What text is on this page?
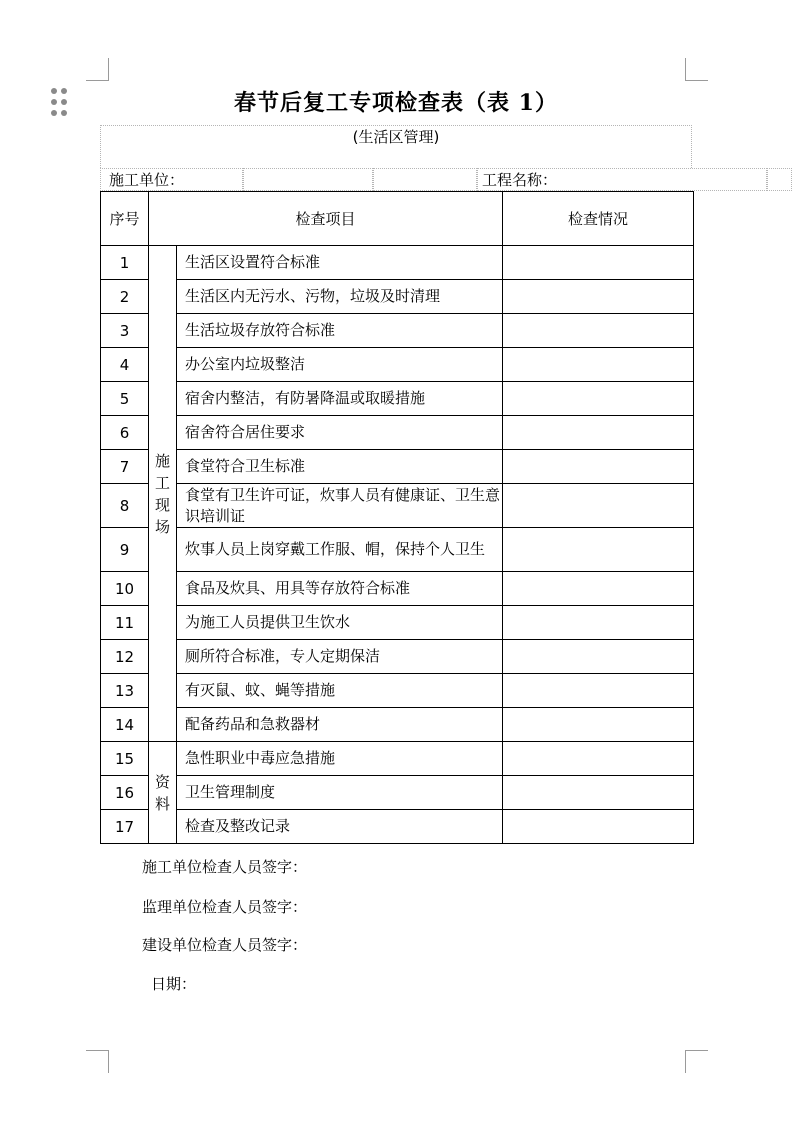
春节后复工专项检查表（表 1）
(生活区管理)
施工单位：	工程名称：
序号	检查项目		检查情况
1	施工现场	生活区设置符合标准	
2		生活区内无污水、污物，垃圾及时清理	
3		生活垃圾存放符合标准	
4		办公室内垃圾整洁	
5		宿舍内整洁，有防暑降温或取暖措施	
6		宿舍符合居住要求	
7		食堂符合卫生标准	
8		食堂有卫生许可证，炊事人员有健康证、卫生意识培训证	
9		炊事人员上岗穿戴工作服、帽，保持个人卫生	
10		食品及炊具、用具等存放符合标准	
11		为施工人员提供卫生饮水	
12		厕所符合标准，专人定期保洁	
13		有灭鼠、蚊、蝇等措施	
14		配备药品和急救器材	
15	资料	急性职业中毒应急措施	
16		卫生管理制度	
17		检查及整改记录	
施工单位检查人员签字：
监理单位检查人员签字：
建设单位检查人员签字：
日期：
